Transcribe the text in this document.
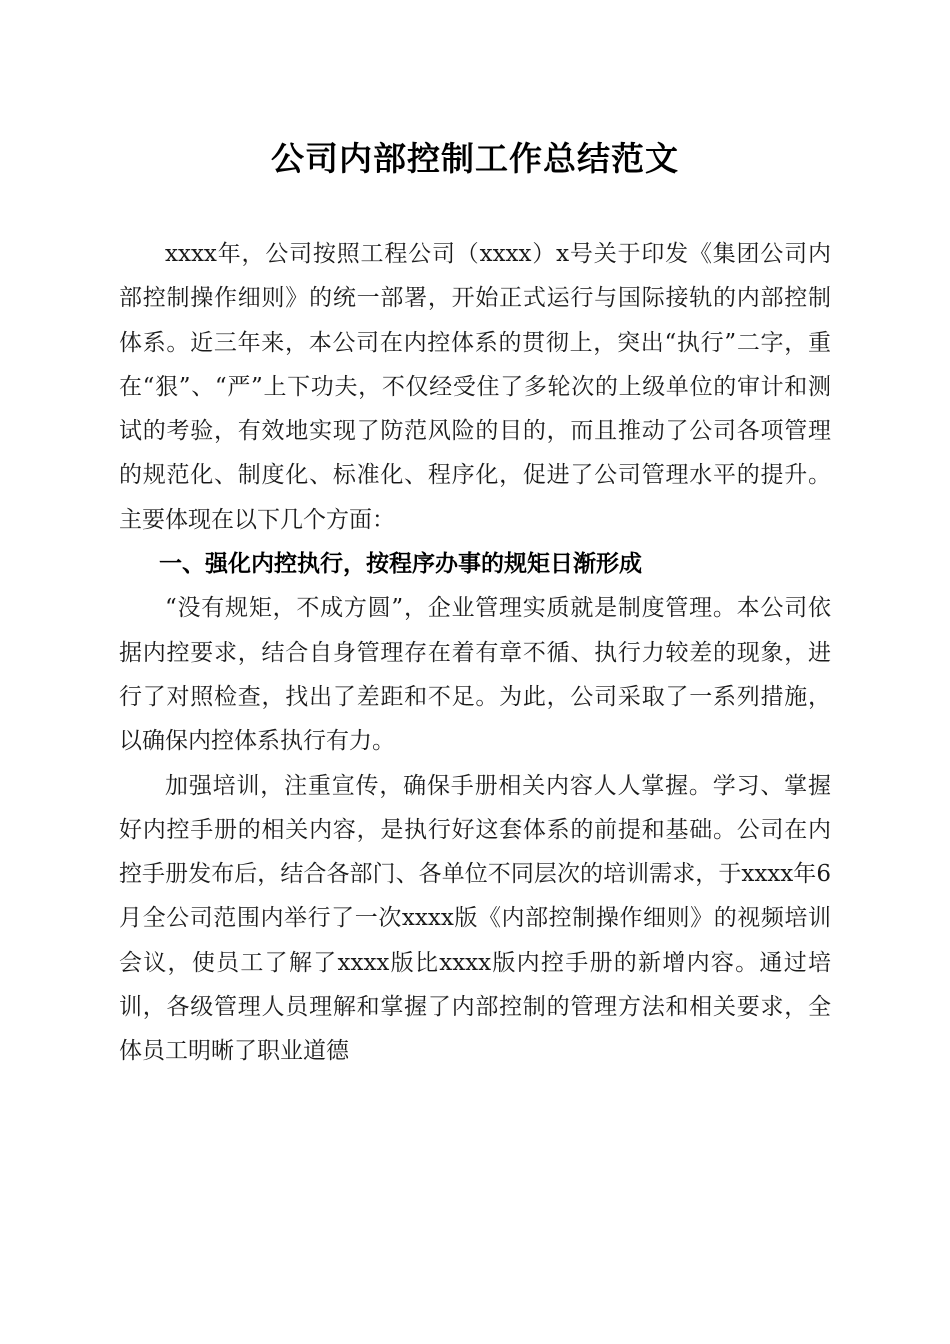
公司内部控制工作总结范文

xxxx年，公司按照工程公司（xxxx）x号关于印发《集团公司内部控制操作细则》的统一部署，开始正式运行与国际接轨的内部控制体系。近三年来，本公司在内控体系的贯彻上，突出“执行”二字，重在“狠”、“严”上下功夫，不仅经受住了多轮次的上级单位的审计和测试的考验，有效地实现了防范风险的目的，而且推动了公司各项管理的规范化、制度化、标准化、程序化，促进了公司管理水平的提升。主要体现在以下几个方面：

一、强化内控执行，按程序办事的规矩日渐形成

“没有规矩，不成方圆”，企业管理实质就是制度管理。本公司依据内控要求，结合自身管理存在着有章不循、执行力较差的现象，进行了对照检查，找出了差距和不足。为此，公司采取了一系列措施，以确保内控体系执行有力。

加强培训，注重宣传，确保手册相关内容人人掌握。学习、掌握好内控手册的相关内容，是执行好这套体系的前提和基础。公司在内控手册发布后，结合各部门、各单位不同层次的培训需求，于xxxx年6月全公司范围内举行了一次xxxx版《内部控制操作细则》的视频培训会议，使员工了解了xxxx版比xxxx版内控手册的新增内容。通过培训，各级管理人员理解和掌握了内部控制的管理方法和相关要求，全体员工明晰了职业道德
